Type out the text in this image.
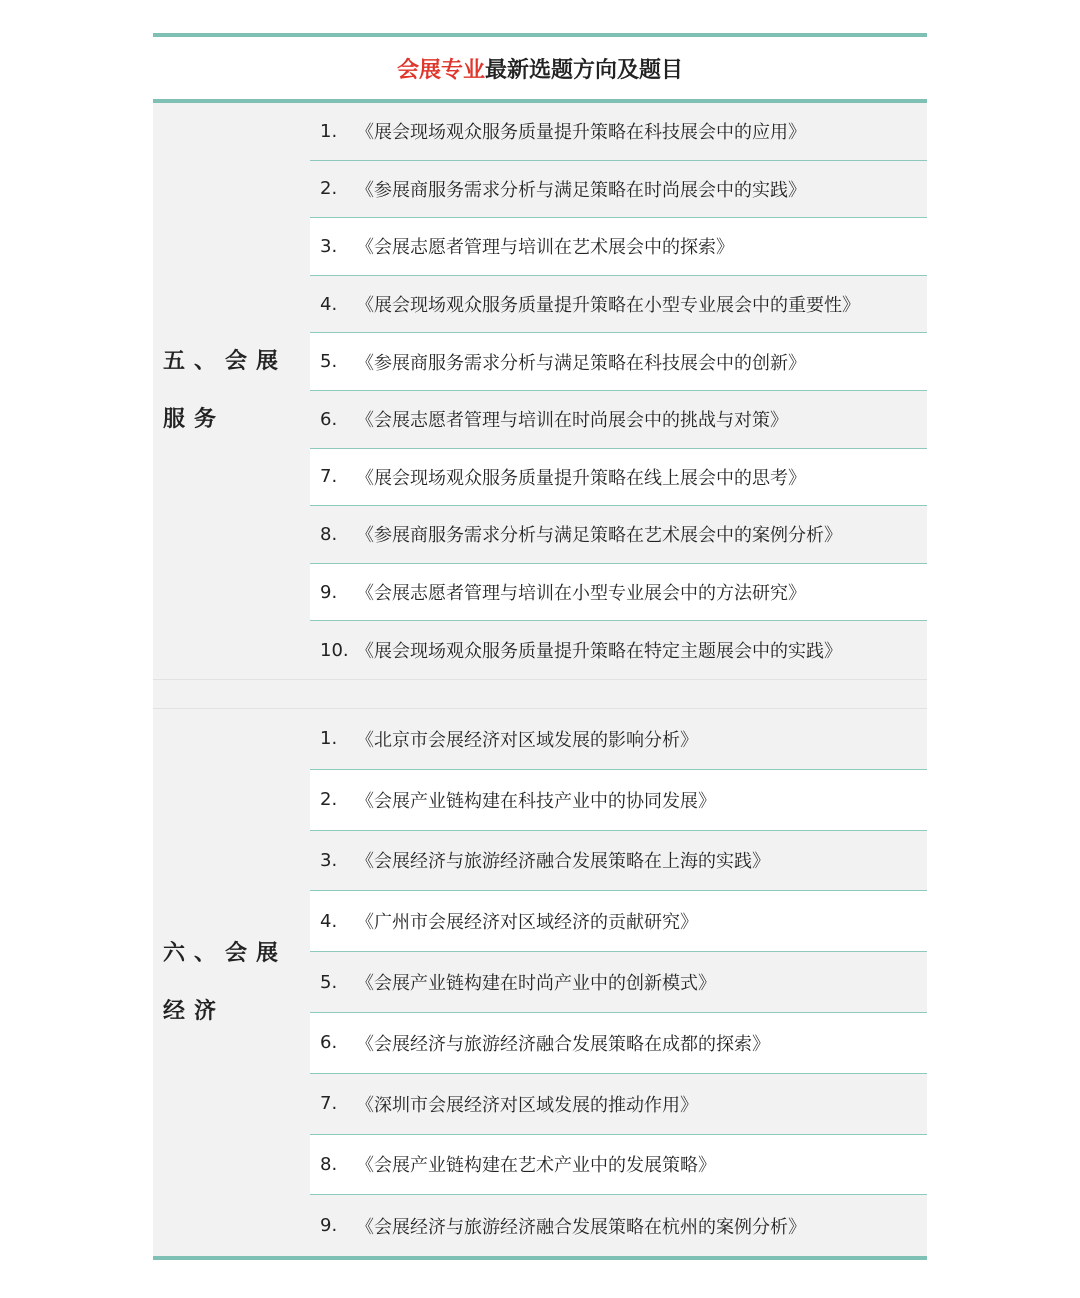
会展专业 最新选题方向及题目
五、会展服务
1.	《展会现场观众服务质量提升策略在科技展会中的应用》
2.	《参展商服务需求分析与满足策略在时尚展会中的实践》
3.	《会展志愿者管理与培训在艺术展会中的探索》
4.	《展会现场观众服务质量提升策略在小型专业展会中的重要性》
5.	《参展商服务需求分析与满足策略在科技展会中的创新》
6.	《会展志愿者管理与培训在时尚展会中的挑战与对策》
7.	《展会现场观众服务质量提升策略在线上展会中的思考》
8.	《参展商服务需求分析与满足策略在艺术展会中的案例分析》
9.	《会展志愿者管理与培训在小型专业展会中的方法研究》
10. 《展会现场观众服务质量提升策略在特定主题展会中的实践》
六、会展经济
1.	《北京市会展经济对区域发展的影响分析》
2.	《会展产业链构建在科技产业中的协同发展》
3.	《会展经济与旅游经济融合发展策略在上海的实践》
4.	《广州市会展经济对区域经济的贡献研究》
5.	《会展产业链构建在时尚产业中的创新模式》
6.	《会展经济与旅游经济融合发展策略在成都的探索》
7.	《深圳市会展经济对区域发展的推动作用》
8.	《会展产业链构建在艺术产业中的发展策略》
9.	《会展经济与旅游经济融合发展策略在杭州的案例分析》
